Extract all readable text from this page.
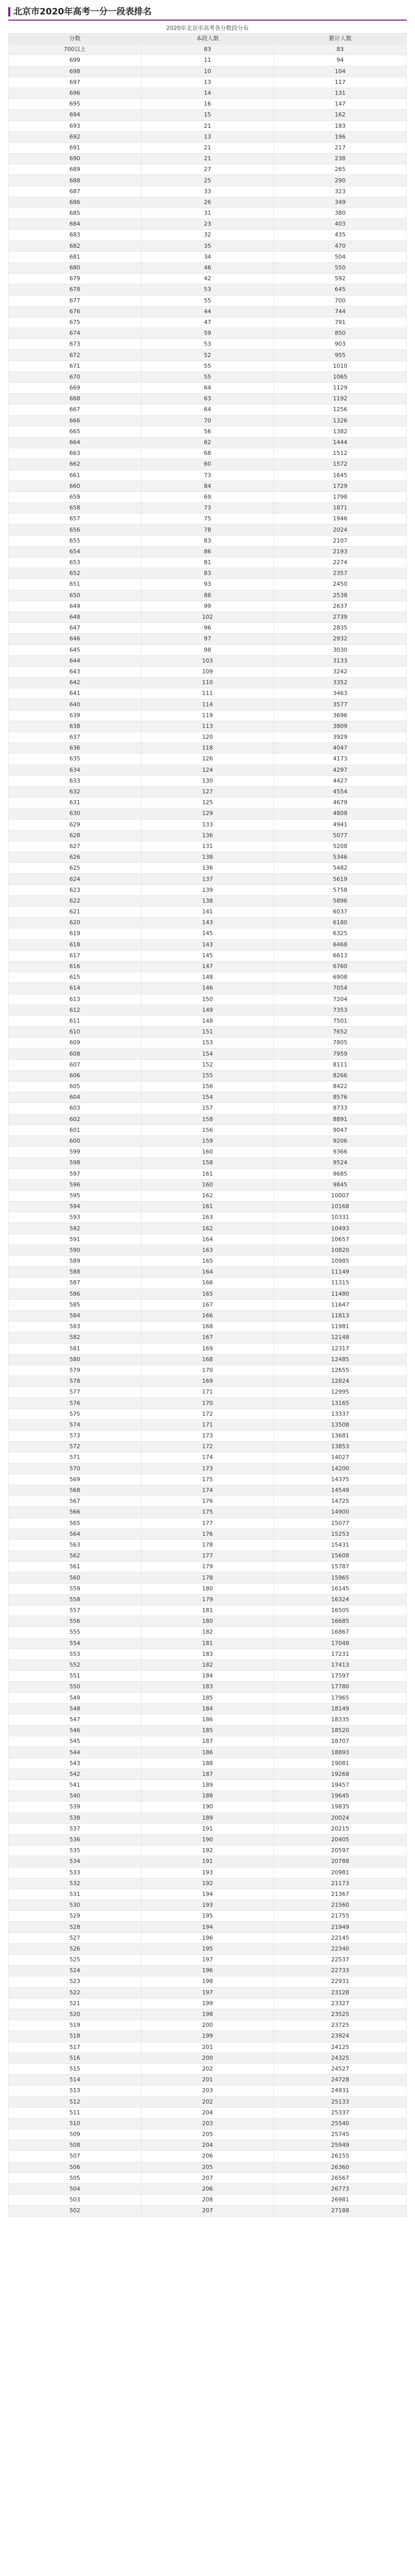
北京市2020年高考一分一段表排名
2020年北京市高考各分数段分布
分数	本段人数	累计人数
700以上	83	83
699	11	94
698	10	104
697	13	117
696	14	131
695	16	147
694	15	162
693	21	183
692	13	196
691	21	217
690	21	238
689	27	265
688	25	290
687	33	323
686	26	349
685	31	380
684	23	403
683	32	435
682	35	470
681	34	504
680	46	550
679	42	592
678	53	645
677	55	700
676	44	744
675	47	791
674	59	850
673	53	903
672	52	955
671	55	1010
670	55	1065
669	64	1129
668	63	1192
667	64	1256
666	70	1326
665	56	1382
664	62	1444
663	68	1512
662	60	1572
661	73	1645
660	84	1729
659	69	1798
658	73	1871
657	75	1946
656	78	2024
655	83	2107
654	86	2193
653	81	2274
652	83	2357
651	93	2450
650	88	2538
649	99	2637
648	102	2739
647	96	2835
646	97	2932
645	98	3030
644	103	3133
643	109	3242
642	110	3352
641	111	3463
640	114	3577
639	119	3696
638	113	3809
637	120	3929
636	118	4047
635	126	4173
634	124	4297
633	130	4427
632	127	4554
631	125	4679
630	129	4808
629	133	4941
628	136	5077
627	131	5208
626	138	5346
625	136	5482
624	137	5619
623	139	5758
622	138	5896
621	141	6037
620	143	6180
619	145	6325
618	143	6468
617	145	6613
616	147	6760
615	148	6908
614	146	7054
613	150	7204
612	149	7353
611	148	7501
610	151	7652
609	153	7805
608	154	7959
607	152	8111
606	155	8266
605	156	8422
604	154	8576
603	157	8733
602	158	8891
601	156	9047
600	159	9206
599	160	9366
598	158	9524
597	161	9685
596	160	9845
595	162	10007
594	161	10168
593	163	10331
592	162	10493
591	164	10657
590	163	10820
589	165	10985
588	164	11149
587	166	11315
586	165	11480
585	167	11647
584	166	11813
583	168	11981
582	167	12148
581	169	12317
580	168	12485
579	170	12655
578	169	12824
577	171	12995
576	170	13165
575	172	13337
574	171	13508
573	173	13681
572	172	13853
571	174	14027
570	173	14200
569	175	14375
568	174	14549
567	176	14725
566	175	14900
565	177	15077
564	176	15253
563	178	15431
562	177	15608
561	179	15787
560	178	15965
559	180	16145
558	179	16324
557	181	16505
556	180	16685
555	182	16867
554	181	17048
553	183	17231
552	182	17413
551	184	17597
550	183	17780
549	185	17965
548	184	18149
547	186	18335
546	185	18520
545	187	18707
544	186	18893
543	188	19081
542	187	19268
541	189	19457
540	188	19645
539	190	19835
538	189	20024
537	191	20215
536	190	20405
535	192	20597
534	191	20788
533	193	20981
532	192	21173
531	194	21367
530	193	21560
529	195	21755
528	194	21949
527	196	22145
526	195	22340
525	197	22537
524	196	22733
523	198	22931
522	197	23128
521	199	23327
520	198	23525
519	200	23725
518	199	23924
517	201	24125
516	200	24325
515	202	24527
514	201	24728
513	203	24931
512	202	25133
511	204	25337
510	203	25540
509	205	25745
508	204	25949
507	206	26155
506	205	26360
505	207	26567
504	206	26773
503	208	26981
502	207	27188
